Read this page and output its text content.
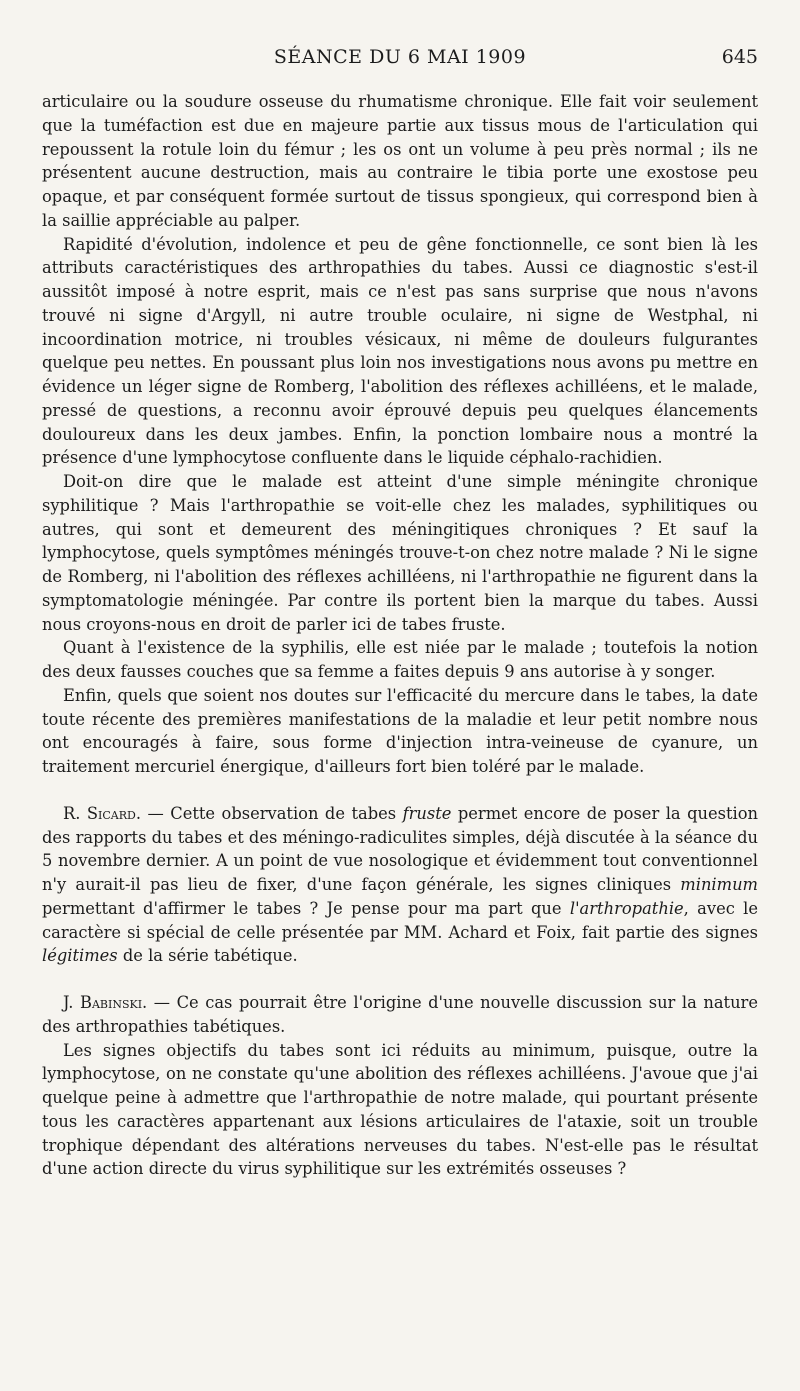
SÉANCE DU 6 MAI 1909	645

articulaire ou la soudure osseuse du rhumatisme chronique. Elle fait voir seulement que la tuméfaction est due en majeure partie aux tissus mous de l'articulation qui repoussent la rotule loin du fémur ; les os ont un volume à peu près normal ; ils ne présentent aucune destruction, mais au contraire le tibia porte une exostose peu opaque, et par conséquent formée surtout de tissus spongieux, qui correspond bien à la saillie appréciable au palper.

Rapidité d'évolution, indolence et peu de gêne fonctionnelle, ce sont bien là les attributs caractéristiques des arthropathies du tabes. Aussi ce diagnostic s'est-il aussitôt imposé à notre esprit, mais ce n'est pas sans surprise que nous n'avons trouvé ni signe d'Argyll, ni autre trouble oculaire, ni signe de Westphal, ni incoordination motrice, ni troubles vésicaux, ni même de douleurs fulgurantes quelque peu nettes. En poussant plus loin nos investigations nous avons pu mettre en évidence un léger signe de Romberg, l'abolition des réflexes achilléens, et le malade, pressé de questions, a reconnu avoir éprouvé depuis peu quelques élancements douloureux dans les deux jambes. Enfin, la ponction lombaire nous a montré la présence d'une lymphocytose confluente dans le liquide céphalo-rachidien.

Doit-on dire que le malade est atteint d'une simple méningite chronique syphilitique ? Mais l'arthropathie se voit-elle chez les malades, syphilitiques ou autres, qui sont et demeurent des méningitiques chroniques ? Et sauf la lymphocytose, quels symptômes méningés trouve-t-on chez notre malade ? Ni le signe de Romberg, ni l'abolition des réflexes achilléens, ni l'arthropathie ne figurent dans la symptomatologie méningée. Par contre ils portent bien la marque du tabes. Aussi nous croyons-nous en droit de parler ici de tabes fruste.

Quant à l'existence de la syphilis, elle est niée par le malade ; toutefois la notion des deux fausses couches que sa femme a faites depuis 9 ans autorise à y songer.

Enfin, quels que soient nos doutes sur l'efficacité du mercure dans le tabes, la date toute récente des premières manifestations de la maladie et leur petit nombre nous ont encouragés à faire, sous forme d'injection intra-veineuse de cyanure, un traitement mercuriel énergique, d'ailleurs fort bien toléré par le malade.

R. Sicard. — Cette observation de tabes fruste permet encore de poser la question des rapports du tabes et des méningo-radiculites simples, déjà discutée à la séance du 5 novembre dernier. A un point de vue nosologique et évidemment tout conventionnel n'y aurait-il pas lieu de fixer, d'une façon générale, les signes cliniques minimum permettant d'affirmer le tabes ? Je pense pour ma part que l'arthropathie, avec le caractère si spécial de celle présentée par MM. Achard et Foix, fait partie des signes légitimes de la série tabétique.

J. Babinski. — Ce cas pourrait être l'origine d'une nouvelle discussion sur la nature des arthropathies tabétiques.

Les signes objectifs du tabes sont ici réduits au minimum, puisque, outre la lymphocytose, on ne constate qu'une abolition des réflexes achilléens. J'avoue que j'ai quelque peine à admettre que l'arthropathie de notre malade, qui pourtant présente tous les caractères appartenant aux lésions articulaires de l'ataxie, soit un trouble trophique dépendant des altérations nerveuses du tabes. N'est-elle pas le résultat d'une action directe du virus syphilitique sur les extrémités osseuses ?
